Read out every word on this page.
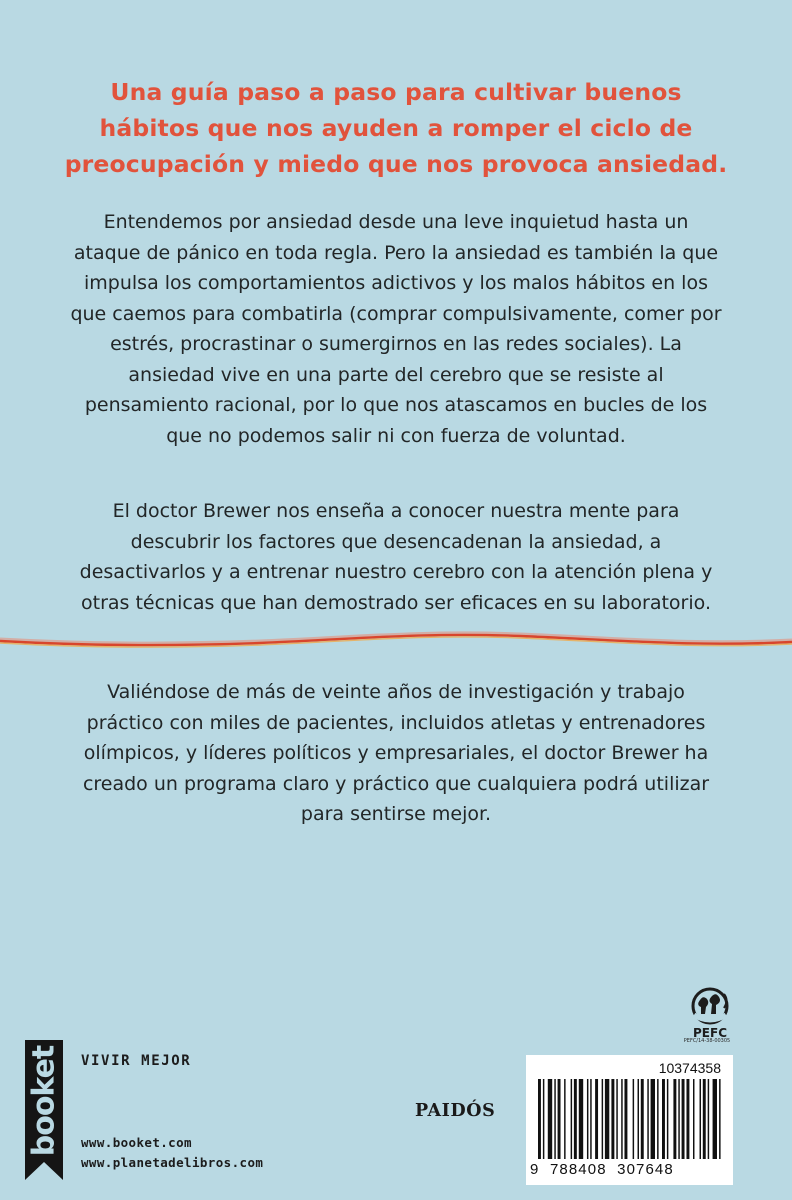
Una guía paso a paso para cultivar buenos hábitos que nos ayuden a romper el ciclo de preocupación y miedo que nos provoca ansiedad.

Entendemos por ansiedad desde una leve inquietud hasta un ataque de pánico en toda regla. Pero la ansiedad es también la que impulsa los comportamientos adictivos y los malos hábitos en los que caemos para combatirla (comprar compulsivamente, comer por estrés, procrastinar o sumergirnos en las redes sociales). La ansiedad vive en una parte del cerebro que se resiste al pensamiento racional, por lo que nos atascamos en bucles de los que no podemos salir ni con fuerza de voluntad.

El doctor Brewer nos enseña a conocer nuestra mente para descubrir los factores que desencadenan la ansiedad, a desactivarlos y a entrenar nuestro cerebro con la atención plena y otras técnicas que han demostrado ser eficaces en su laboratorio.

Valiéndose de más de veinte años de investigación y trabajo práctico con miles de pacientes, incluidos atletas y entrenadores olímpicos, y líderes políticos y empresariales, el doctor Brewer ha creado un programa claro y práctico que cualquiera podrá utilizar para sentirse mejor.

PEFC
PEFC/14-38-00305
booket VIVIR MEJOR
www.booket.com
www.planetadelibros.com
PAIDÓS
10374358
9  788408  307648
